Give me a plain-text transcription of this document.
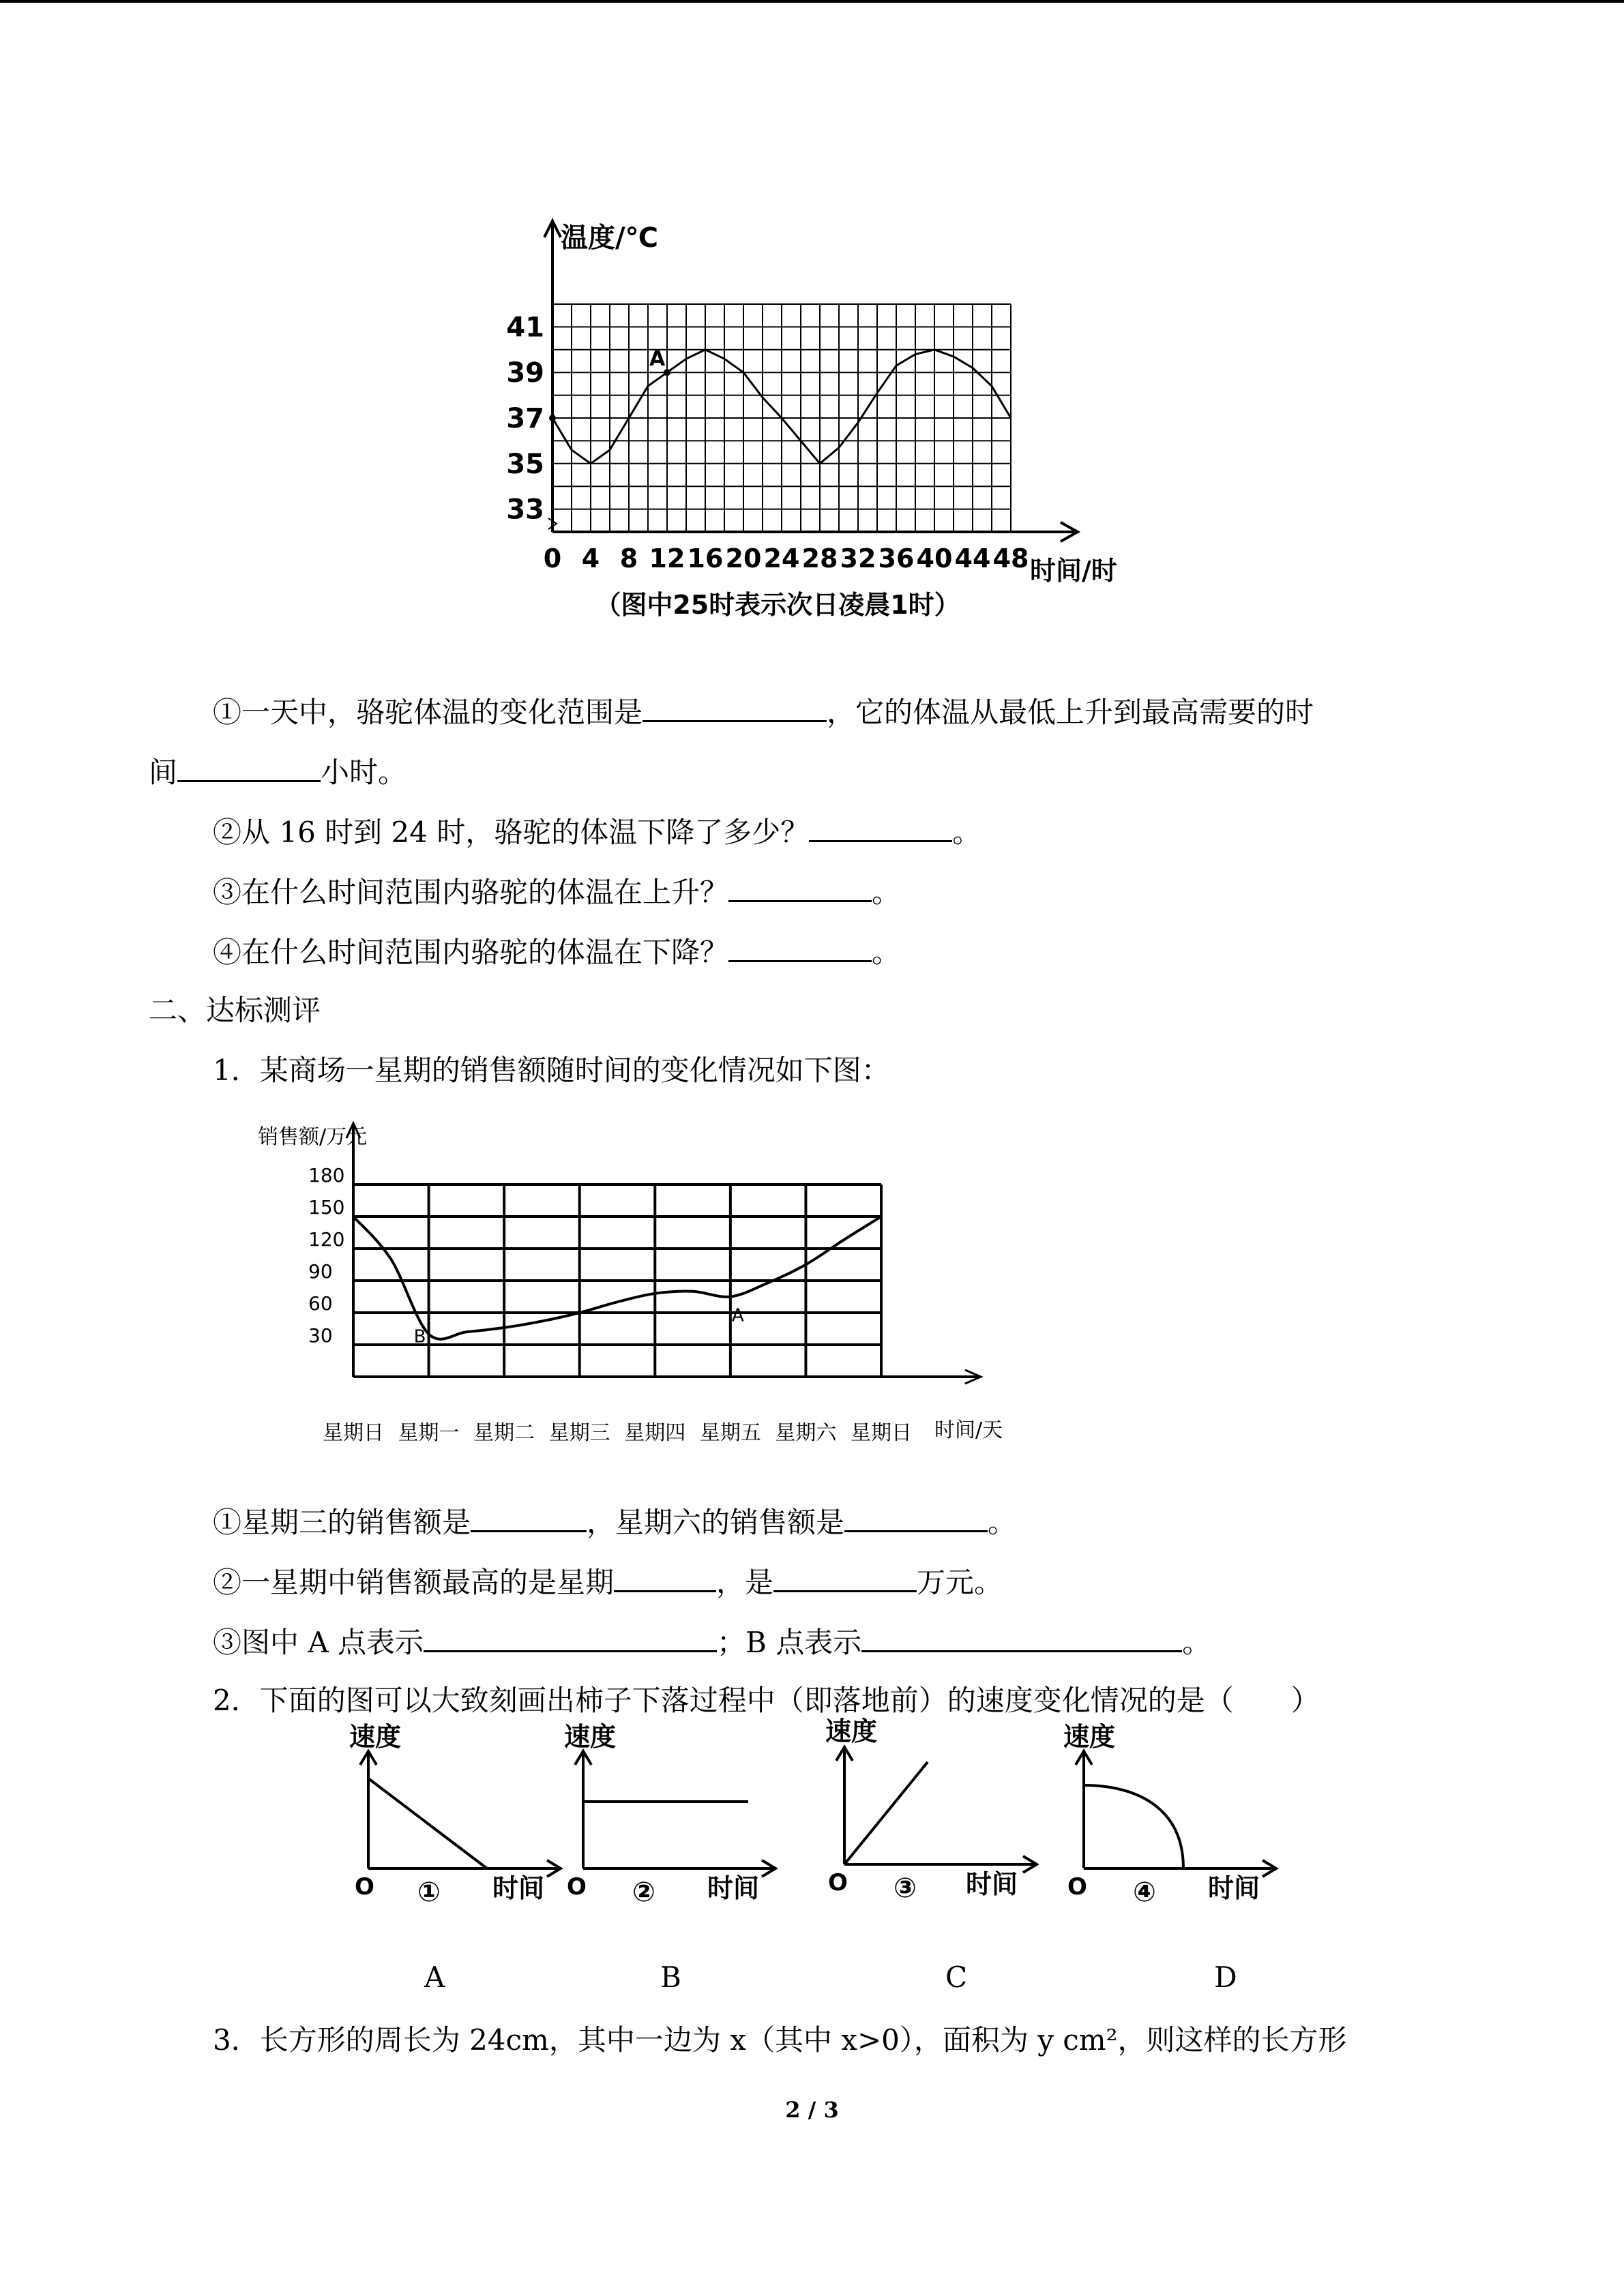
温度/℃
33
35
37
39
41
0 4 8 12 16 20 24 28 32 36 40 44 48 时间/时
（图中25时表示次日凌晨1时）
A
①一天中，骆驼体温的变化范围是	，它的体温从最低上升到最高需要的时
间	小时。
②从 16 时到 24 时，骆驼的体温下降了多少？	。
③在什么时间范围内骆驼的体温在上升？	。
④在什么时间范围内骆驼的体温在下降？	。
二、达标测评
1．某商场一星期的销售额随时间的变化情况如下图：
销售额/万元
30
60
90
120
150
180
星期日 星期一 星期二 星期三 星期四 星期五 星期六 星期日 时间/天
A
B
①星期三的销售额是	，星期六的销售额是	。
②一星期中销售额最高的是星期	，是	万元。
③图中 A 点表示	；B 点表示	。
2．下面的图可以大致刻画出柿子下落过程中（即落地前）的速度变化情况的是（　　）
速度
O ① 时间
速度
O ② 时间
速度
O ③ 时间
速度
O ④ 时间
A	B	C	D
3．长方形的周长为 24cm，其中一边为 x（其中 x>0），面积为 y cm²，则这样的长方形
2 / 3
